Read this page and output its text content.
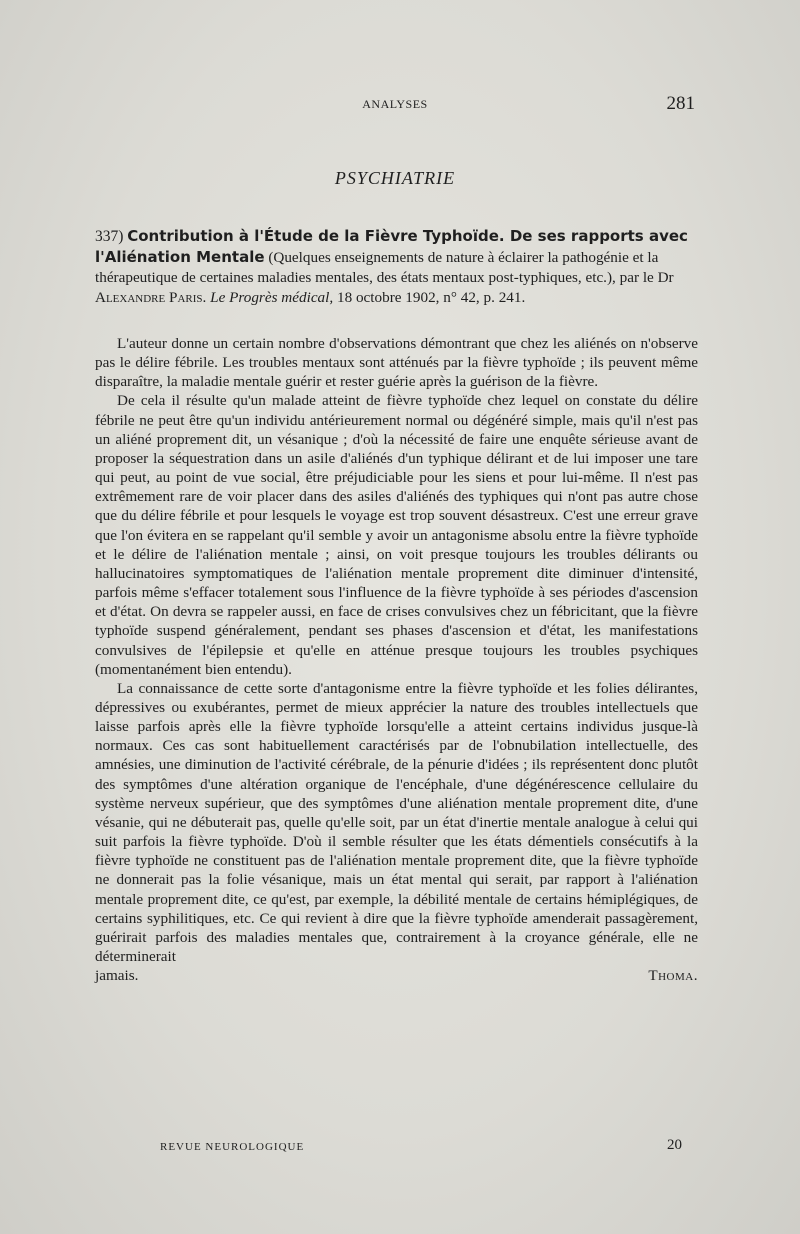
ANALYSES	281
PSYCHIATRIE
337) Contribution à l'Étude de la Fièvre Typhoïde. De ses rapports avec l'Aliénation Mentale (Quelques enseignements de nature à éclairer la pathogénie et la thérapeutique de certaines maladies mentales, des états mentaux post-typhiques, etc.), par le Dr Alexandre Paris. Le Progrès médical, 18 octobre 1902, n° 42, p. 241.

L'auteur donne un certain nombre d'observations démontrant que chez les aliénés on n'observe pas le délire fébrile. Les troubles mentaux sont atténués par la fièvre typhoïde ; ils peuvent même disparaître, la maladie mentale guérir et rester guérie après la guérison de la fièvre.

De cela il résulte qu'un malade atteint de fièvre typhoïde chez lequel on constate du délire fébrile ne peut être qu'un individu antérieurement normal ou dégénéré simple, mais qu'il n'est pas un aliéné proprement dit, un vésanique ; d'où la nécessité de faire une enquête sérieuse avant de proposer la séquestration dans un asile d'aliénés d'un typhique délirant et de lui imposer une tare qui peut, au point de vue social, être préjudiciable pour les siens et pour lui-même. Il n'est pas extrêmement rare de voir placer dans des asiles d'aliénés des typhiques qui n'ont pas autre chose que du délire fébrile et pour lesquels le voyage est trop souvent désastreux. C'est une erreur grave que l'on évitera en se rappelant qu'il semble y avoir un antagonisme absolu entre la fièvre typhoïde et le délire de l'aliénation mentale ; ainsi, on voit presque toujours les troubles délirants ou hallucinatoires symptomatiques de l'aliénation mentale proprement dite diminuer d'intensité, parfois même s'effacer totalement sous l'influence de la fièvre typhoïde à ses périodes d'ascension et d'état. On devra se rappeler aussi, en face de crises convulsives chez un fébricitant, que la fièvre typhoïde suspend généralement, pendant ses phases d'ascension et d'état, les manifestations convulsives de l'épilepsie et qu'elle en atténue presque toujours les troubles psychiques (momentanément bien entendu).

La connaissance de cette sorte d'antagonisme entre la fièvre typhoïde et les folies délirantes, dépressives ou exubérantes, permet de mieux apprécier la nature des troubles intellectuels que laisse parfois après elle la fièvre typhoïde lorsqu'elle a atteint certains individus jusque-là normaux. Ces cas sont habituellement caractérisés par de l'obnubilation intellectuelle, des amnésies, une diminution de l'activité cérébrale, de la pénurie d'idées ; ils représentent donc plutôt des symptômes d'une altération organique de l'encéphale, d'une dégénérescence cellulaire du système nerveux supérieur, que des symptômes d'une aliénation mentale proprement dite, d'une vésanie, qui ne débuterait pas, quelle qu'elle soit, par un état d'inertie mentale analogue à celui qui suit parfois la fièvre typhoïde. D'où il semble résulter que les états démentiels consécutifs à la fièvre typhoïde ne constituent pas de l'aliénation mentale proprement dite, que la fièvre typhoïde ne donnerait pas la folie vésanique, mais un état mental qui serait, par rapport à l'aliénation mentale proprement dite, ce qu'est, par exemple, la débilité mentale de certains hémiplégiques, de certains syphilitiques, etc. Ce qui revient à dire que la fièvre typhoïde amenderait passagèrement, guérirait parfois des maladies mentales que, contrairement à la croyance générale, elle ne déterminerait

jamais.	Thoma.
REVUE NEUROLOGIQUE	20
